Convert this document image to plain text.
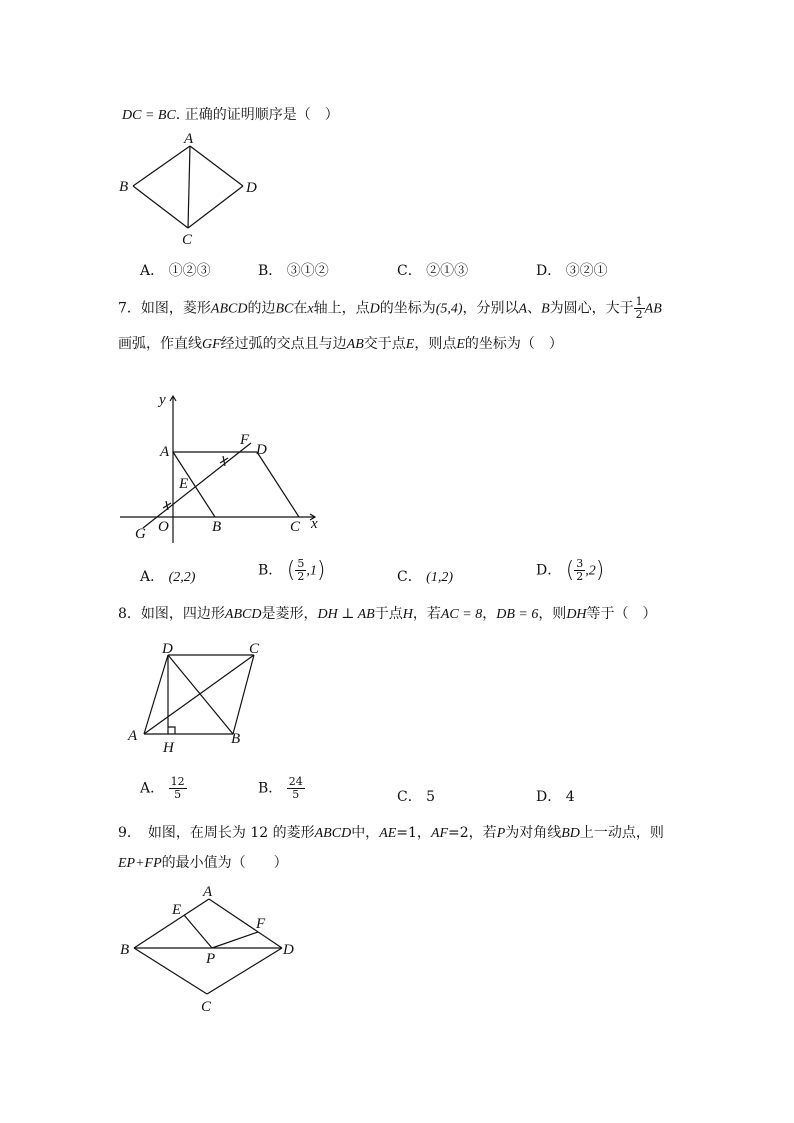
DC = BC. 正确的证明顺序是（　）
A
B
C
D
A． ①②③	B． ③①②	C． ②①③	D． ③②①
7．如图，菱形ABCD的边BC在x轴上，点D的坐标为(5,4)，分别以A、B为圆心，大于 $\frac{1}{2}$ AB
画弧，作直线GF经过弧的交点且与边AB交于点E，则点E的坐标为（　）
y
x
A	D
F
E
O	B	C
G
A． (2,2)	B． ( $\frac{5}{2} ,1$)	C． (1,2)	D． ( $\frac{3}{2} ,2$)
8．如图，四边形ABCD是菱形，DH ⊥ AB于点H，若AC = 8，DB = 6，则DH等于（　）
D	C
A
H
B
A． $\frac{12}{5}$	B． $\frac{24}{5}$	C． 5	D． 4
9．　如图，在周长为 12 的菱形ABCD中，AE=1，AF=2，若P为对角线BD上一动点，则
EP+FP的最小值为（　　）
A
E
F
B
P
D
C
